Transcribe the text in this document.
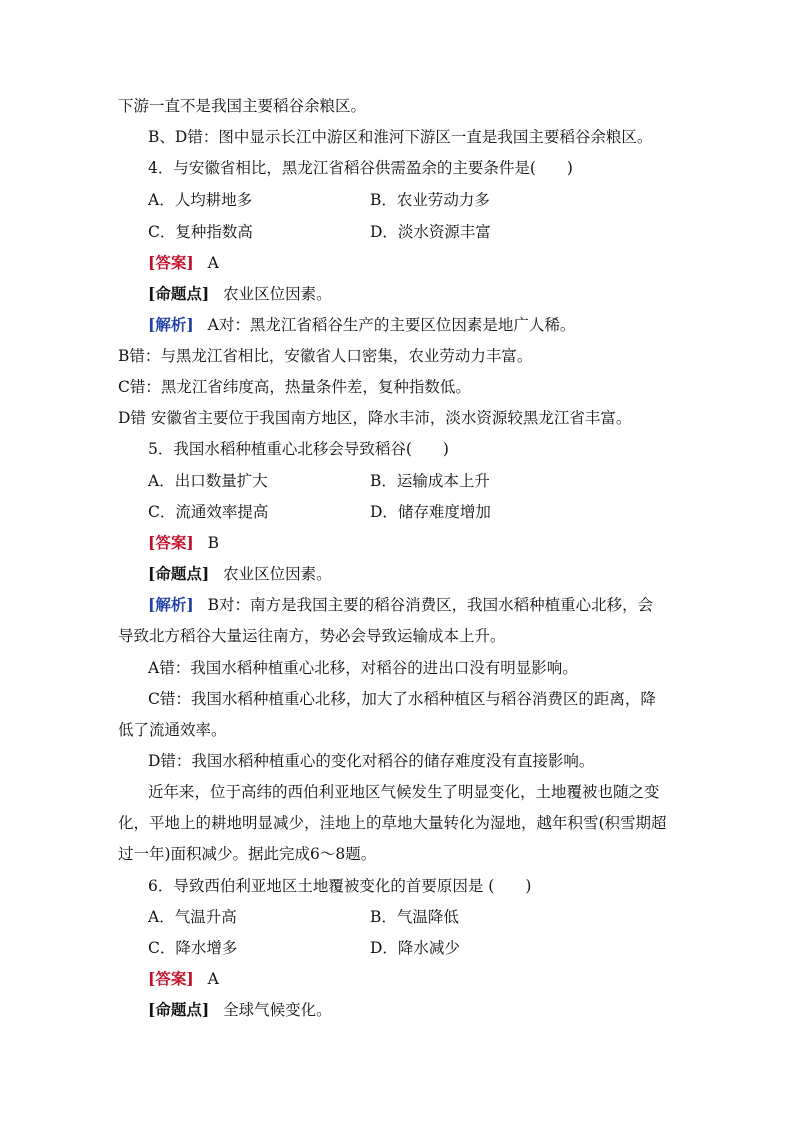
下游一直不是我国主要稻谷余粮区。
B、D错：图中显示长江中游区和淮河下游区一直是我国主要稻谷余粮区。
4．与安徽省相比，黑龙江省稻谷供需盈余的主要条件是(　　)
A．人均耕地多	B．农业劳动力多
C．复种指数高	D．淡水资源丰富
[答案] A
[命题点] 农业区位因素。
[解析] A对：黑龙江省稻谷生产的主要区位因素是地广人稀。
B错：与黑龙江省相比，安徽省人口密集，农业劳动力丰富。
C错：黑龙江省纬度高，热量条件差，复种指数低。
D错 安徽省主要位于我国南方地区，降水丰沛，淡水资源较黑龙江省丰富。
5．我国水稻种植重心北移会导致稻谷(　　)
A．出口数量扩大	B．运输成本上升
C．流通效率提高	D．储存难度增加
[答案] B
[命题点] 农业区位因素。
[解析] B对：南方是我国主要的稻谷消费区，我国水稻种植重心北移，会
导致北方稻谷大量运往南方，势必会导致运输成本上升。
A错：我国水稻种植重心北移，对稻谷的进出口没有明显影响。
C错：我国水稻种植重心北移，加大了水稻种植区与稻谷消费区的距离，降
低了流通效率。
D错：我国水稻种植重心的变化对稻谷的储存难度没有直接影响。
近年来，位于高纬的西伯利亚地区气候发生了明显变化，土地覆被也随之变
化，平地上的耕地明显减少，洼地上的草地大量转化为湿地，越年积雪(积雪期超
过一年)面积减少。据此完成6～8题。
6．导致西伯利亚地区土地覆被变化的首要原因是 (　　)
A．气温升高	B．气温降低
C．降水增多	D．降水减少
[答案] A
[命题点] 全球气候变化。
